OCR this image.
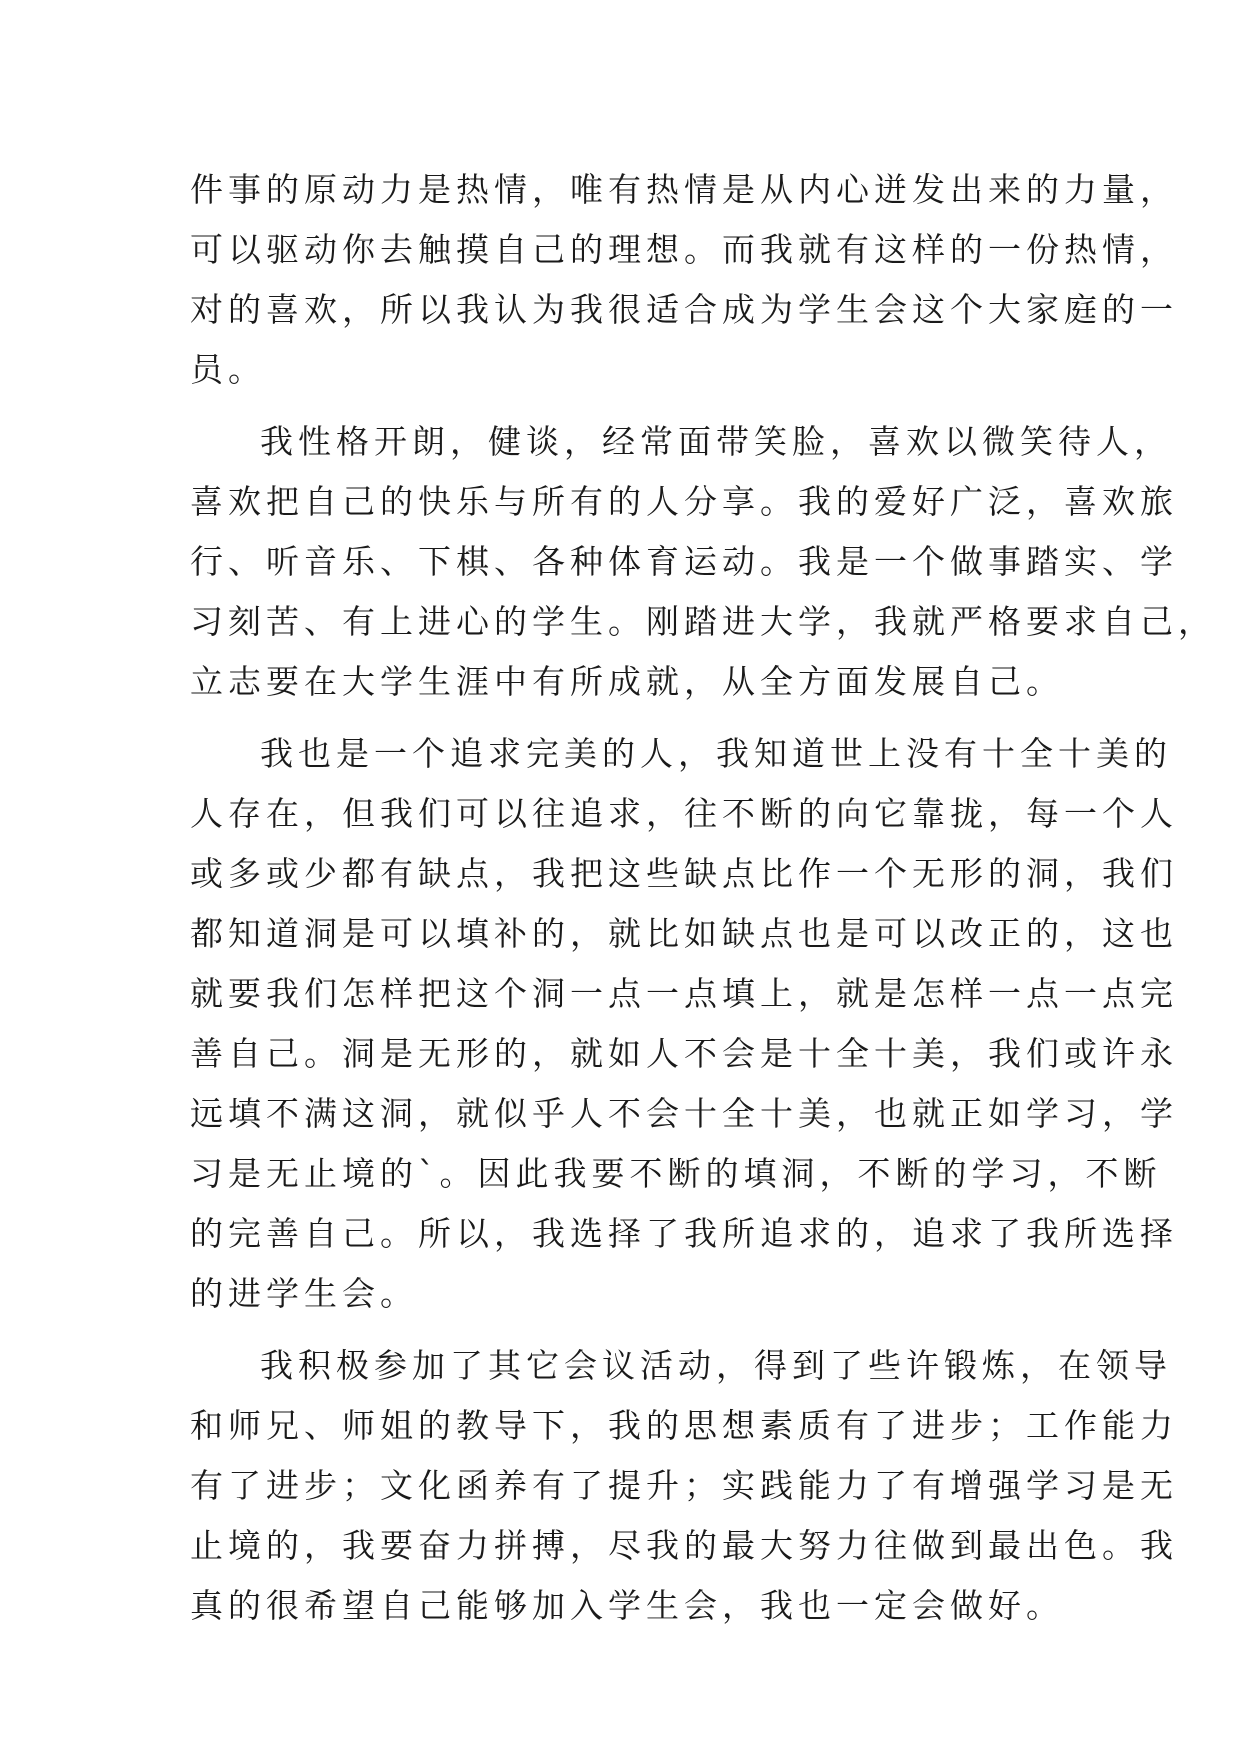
件事的原动力是热情，唯有热情是从内心迸发出来的力量，
可以驱动你去触摸自己的理想。而我就有这样的一份热情，
对的喜欢，所以我认为我很适合成为学生会这个大家庭的一
员。
我性格开朗，健谈，经常面带笑脸，喜欢以微笑待人，
喜欢把自己的快乐与所有的人分享。我的爱好广泛，喜欢旅
行、听音乐、下棋、各种体育运动。我是一个做事踏实、学
习刻苦、有上进心的学生。刚踏进大学，我就严格要求自己，
立志要在大学生涯中有所成就，从全方面发展自己。
我也是一个追求完美的人，我知道世上没有十全十美的
人存在，但我们可以往追求，往不断的向它靠拢，每一个人
或多或少都有缺点，我把这些缺点比作一个无形的洞，我们
都知道洞是可以填补的，就比如缺点也是可以改正的，这也
就要我们怎样把这个洞一点一点填上，就是怎样一点一点完
善自己。洞是无形的，就如人不会是十全十美，我们或许永
远填不满这洞，就似乎人不会十全十美，也就正如学习，学
习是无止境的`。因此我要不断的填洞，不断的学习，不断
的完善自己。所以，我选择了我所追求的，追求了我所选择
的进学生会。
我积极参加了其它会议活动，得到了些许锻炼，在领导
和师兄、师姐的教导下，我的思想素质有了进步；工作能力
有了进步；文化函养有了提升；实践能力了有增强学习是无
止境的，我要奋力拼搏，尽我的最大努力往做到最出色。我
真的很希望自己能够加入学生会，我也一定会做好。
